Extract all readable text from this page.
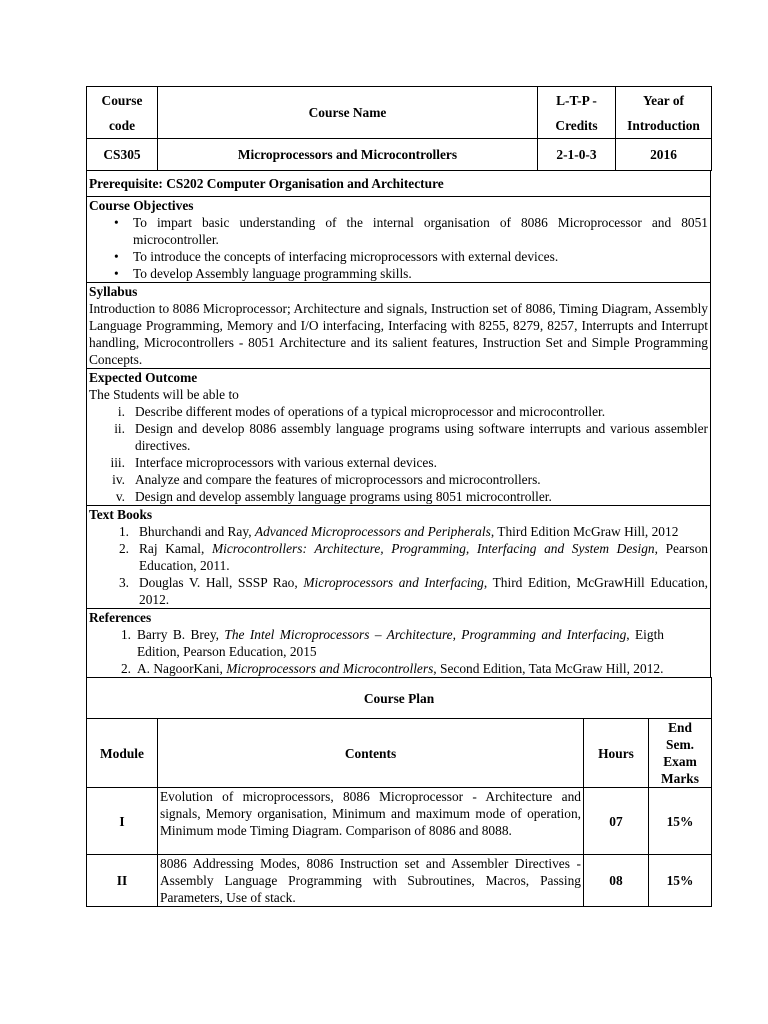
Course code	Course Name	L-T-P - Credits	Year of Introduction
CS305	Microprocessors and Microcontrollers	2-1-0-3	2016
Prerequisite: CS202 Computer Organisation and Architecture

Course Objectives
• To impart basic understanding of the internal organisation of 8086 Microprocessor and 8051 microcontroller.
• To introduce the concepts of interfacing microprocessors with external devices.
• To develop Assembly language programming skills.

Syllabus
Introduction to 8086 Microprocessor; Architecture and signals, Instruction set of 8086, Timing Diagram, Assembly Language Programming, Memory and I/O interfacing, Interfacing with 8255, 8279, 8257, Interrupts and Interrupt handling, Microcontrollers - 8051 Architecture and its salient features, Instruction Set and Simple Programming Concepts.

Expected Outcome
The Students will be able to
i. Describe different modes of operations of a typical microprocessor and microcontroller.
ii. Design and develop 8086 assembly language programs using software interrupts and various assembler directives.
iii. Interface microprocessors with various external devices.
iv. Analyze and compare the features of microprocessors and microcontrollers.
v. Design and develop assembly language programs using 8051 microcontroller.

Text Books
1. Bhurchandi and Ray, Advanced Microprocessors and Peripherals, Third Edition McGraw Hill, 2012
2. Raj Kamal, Microcontrollers: Architecture, Programming, Interfacing and System Design, Pearson Education, 2011.
3. Douglas V. Hall, SSSP Rao, Microprocessors and Interfacing, Third Edition, McGrawHill Education, 2012.

References
1. Barry B. Brey, The Intel Microprocessors – Architecture, Programming and Interfacing, Eigth Edition, Pearson Education, 2015
2. A. NagoorKani, Microprocessors and Microcontrollers, Second Edition, Tata McGraw Hill, 2012.
Course Plan			
Module	Contents	Hours	End Sem. Exam Marks
I	Evolution of microprocessors, 8086 Microprocessor - Architecture and signals, Memory organisation, Minimum and maximum mode of operation, Minimum mode Timing Diagram. Comparison of 8086 and 8088.	07	15%
II	8086 Addressing Modes, 8086 Instruction set and Assembler Directives - Assembly Language Programming with Subroutines, Macros, Passing Parameters, Use of stack.	08	15%
